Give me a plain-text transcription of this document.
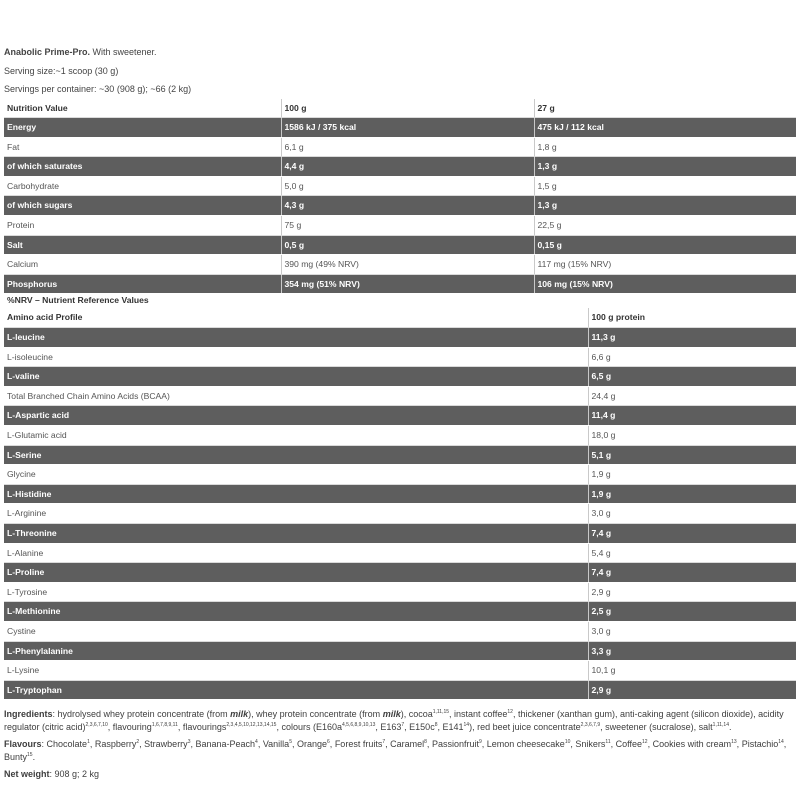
Anabolic Prime-Pro. With sweetener.
Serving size:~1 scoop (30 g)
Servings per container: ~30 (908 g); ~66 (2 kg)
Nutrition Value	100 g	27 g
Energy	1586 kJ / 375 kcal	475 kJ / 112 kcal
Fat	6,1 g	1,8 g
of which saturates	4,4 g	1,3 g
Carbohydrate	5,0 g	1,5 g
of which sugars	4,3 g	1,3 g
Protein	75 g	22,5 g
Salt	0,5 g	0,15 g
Calcium	390 mg (49% NRV)	117 mg (15% NRV)
Phosphorus	354 mg (51% NRV)	106 mg (15% NRV)
%NRV – Nutrient Reference Values
Amino acid Profile	100 g protein
L-leucine	11,3 g
L-isoleucine	6,6 g
L-valine	6,5 g
Total Branched Chain Amino Acids (BCAA)	24,4 g
L-Aspartic acid	11,4 g
L-Glutamic acid	18,0 g
L-Serine	5,1 g
Glycine	1,9 g
L-Histidine	1,9 g
L-Arginine	3,0 g
L-Threonine	7,4 g
L-Alanine	5,4 g
L-Proline	7,4 g
L-Tyrosine	2,9 g
L-Methionine	2,5 g
Cystine	3,0 g
L-Phenylalanine	3,3 g
L-Lysine	10,1 g
L-Tryptophan	2,9 g

Ingredients: hydrolysed whey protein concentrate (from milk), whey protein concentrate (from milk), cocoa$^{1,11,15}$, instant coffee$^{12}$, thickener (xanthan gum), anti-caking agent (silicon dioxide), acidity regulator (citric acid)$^{2,3,6,7,10}$, flavouring$^{1,6,7,8,9,11}$, flavourings$^{2,3,4,5,10,12,13,14,15}$, colours ($E160a^{4,5,6,8,9,10,13}$, $E163^7$, $E150c^8$, $E141^{14}$), red beet juice concentrate$^{2,3,6,7,9}$, sweetener (sucralose), salt$^{1,11,14}$.

Flavours: Chocolate$^1$, Raspberry$^2$, Strawberry$^3$, Banana-Peach$^4$, Vanilla$^5$, Orange$^6$, Forest fruits$^7$, Caramel$^8$, Passionfruit$^9$, Lemon cheesecake$^{10}$, Snikers$^{11}$, Coffee$^{12}$, Cookies with cream$^{13}$, Pistachio$^{14}$, Bunty$^{15}$.

Net weight: 908 g; 2 kg
